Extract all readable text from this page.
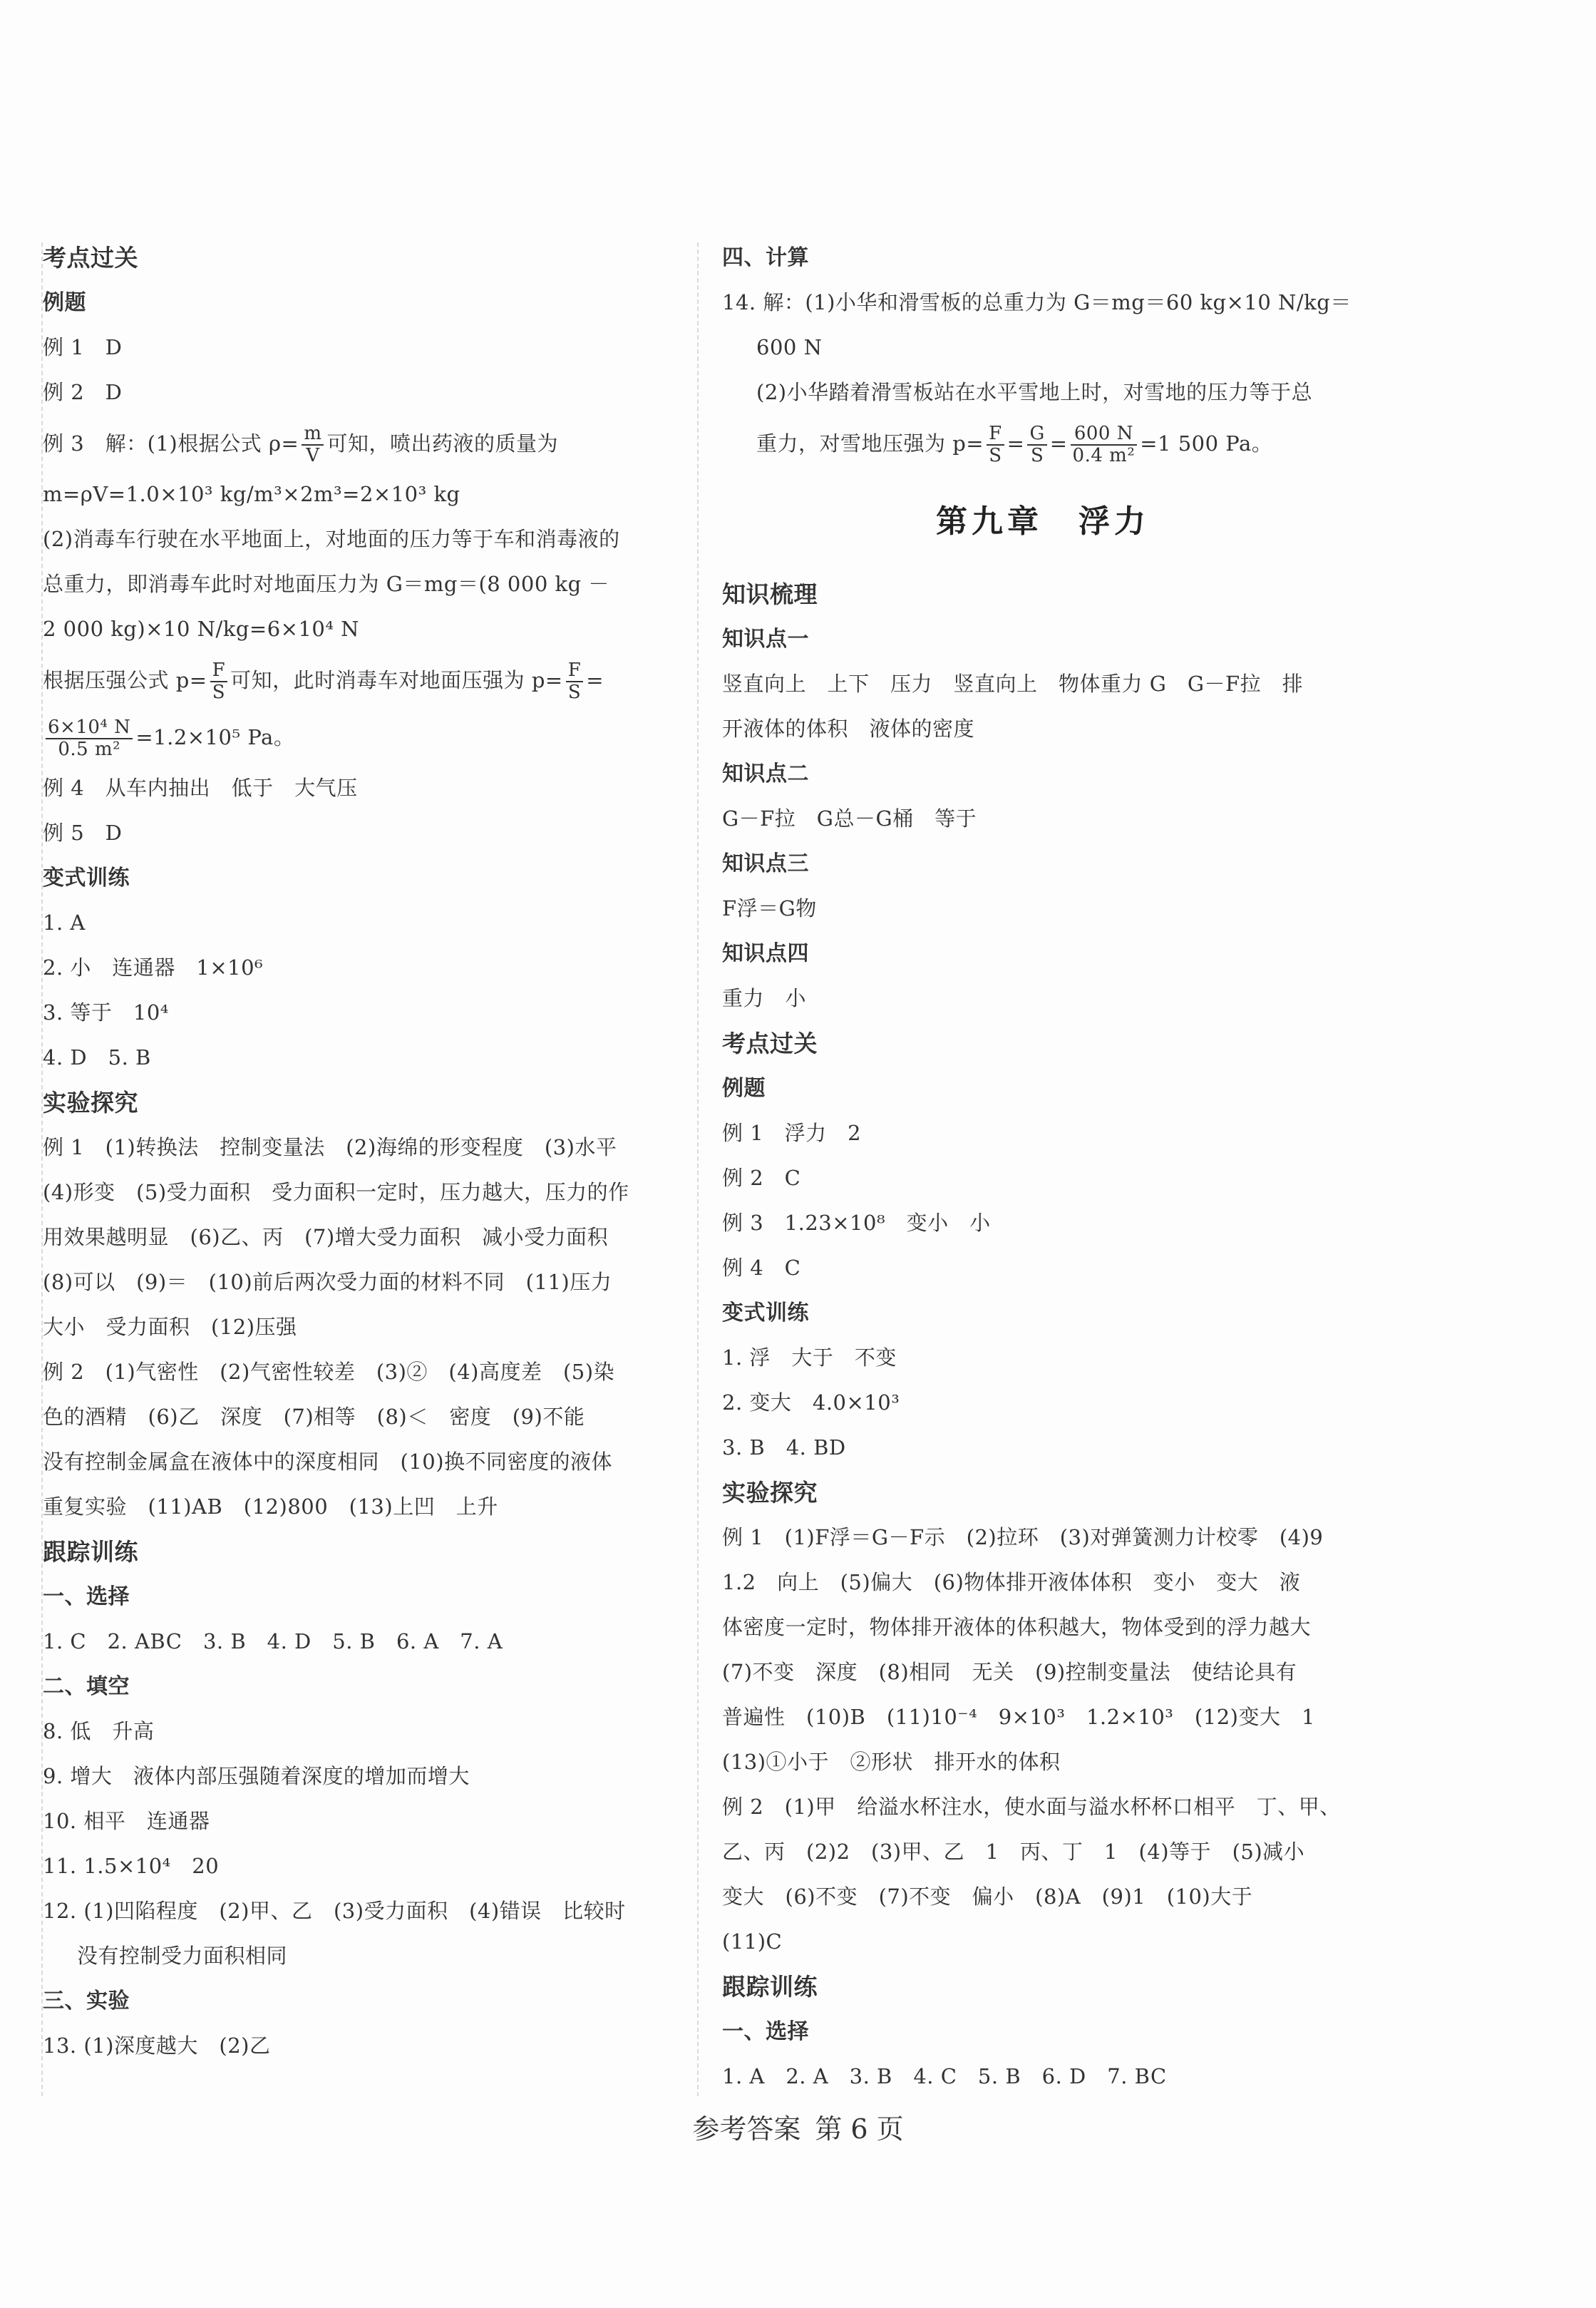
考点过关
例题
例 1　D
例 2　D
例 3　解：(1)根据公式 $\rho= \frac{m}{V}$ 可知，喷出药液的质量为
m=ρV=1.0×10³ kg/m³×2m³=2×10³ kg
(2)消毒车行驶在水平地面上，对地面的压力等于车和消毒液的
总重力，即消毒车此时对地面压力为 G＝mg＝(8 000 kg －
2 000 kg)×10 N/kg=6×10⁴ N
根据压强公式 $p= \frac{F}{S}$ 可知，此时消毒车对地面压强为 $p= \frac{F}{S}$ =
$\frac{\text{6×10⁴ N}}{\text{0.5 m²}} =1.2\times 10^5$ Pa。
例 4　从车内抽出　低于　大气压
例 5　D
变式训练
1. A
2. 小　连通器　1×10⁶
3. 等于　10⁴
4. D　5. B
实验探究
例 1　(1)转换法　控制变量法　(2)海绵的形变程度　(3)水平
(4)形变　(5)受力面积　受力面积一定时，压力越大，压力的作
用效果越明显　(6)乙、丙　(7)增大受力面积　减小受力面积
(8)可以　(9)＝　(10)前后两次受力面的材料不同　(11)压力
大小　受力面积　(12)压强
例 2　(1)气密性　(2)气密性较差　(3)②　(4)高度差　(5)染
色的酒精　(6)乙　深度　(7)相等　(8)＜　密度　(9)不能
没有控制金属盒在液体中的深度相同　(10)换不同密度的液体
重复实验　(11)AB　(12)800　(13)上凹　上升
跟踪训练
一、选择
1. C　2. ABC　3. B　4. D　5. B　6. A　7. A
二、填空
8. 低　升高
9. 增大　液体内部压强随着深度的增加而增大
10. 相平　连通器
11. 1.5×10⁴　20
12. (1)凹陷程度　(2)甲、乙　(3)受力面积　(4)错误　比较时
没有控制受力面积相同
三、实验
13. (1)深度越大　(2)乙
四、计算
14. 解：(1)小华和滑雪板的总重力为 G＝mg＝60 kg×10 N/kg＝
600 N
(2)小华踏着滑雪板站在水平雪地上时，对雪地的压力等于总
重力，对雪地压强为 $p= \frac{F}{S} = \frac{G}{S} = \frac{600 N}{\text{0.4 m²}} =1$ 500 Pa。
第九章　浮力
知识梳理
知识点一
竖直向上　上下　压力　竖直向上　物体重力 G　G－F拉　排
开液体的体积　液体的密度
知识点二
G－F拉　G总－G桶　等于
知识点三
F浮＝G物
知识点四
重力　小
考点过关
例题
例 1　浮力　2
例 2　C
例 3　1.23×10⁸　变小　小
例 4　C
变式训练
1. 浮　大于　不变
2. 变大　4.0×10³
3. B　4. BD
实验探究
例 1　(1)F浮＝G－F示　(2)拉环　(3)对弹簧测力计校零　(4)9
1.2　向上　(5)偏大　(6)物体排开液体体积　变小　变大　液
体密度一定时，物体排开液体的体积越大，物体受到的浮力越大
(7)不变　深度　(8)相同　无关　(9)控制变量法　使结论具有
普遍性　(10)B　(11)10⁻⁴　9×10³　1.2×10³　(12)变大　1
(13)①小于　②形状　排开水的体积
例 2　(1)甲　给溢水杯注水，使水面与溢水杯杯口相平　丁、甲、
乙、丙　(2)2　(3)甲、乙　1　丙、丁　1　(4)等于　(5)减小
变大　(6)不变　(7)不变　偏小　(8)A　(9)1　(10)大于
(11)C
跟踪训练
一、选择
1. A　2. A　3. B　4. C　5. B　6. D　7. BC
参考答案 第 6 页
